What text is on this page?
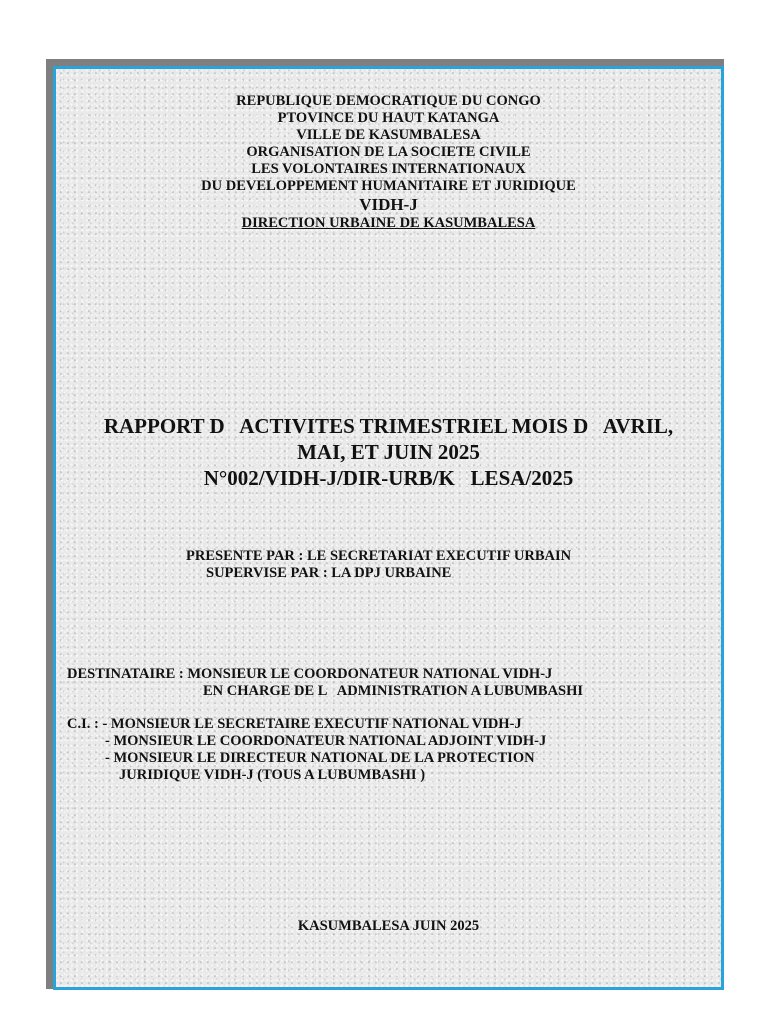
REPUBLIQUE DEMOCRATIQUE DU CONGO
PTOVINCE DU HAUT KATANGA
VILLE DE KASUMBALESA
ORGANISATION DE LA SOCIETE CIVILE
LES VOLONTAIRES INTERNATIONAUX
DU DEVELOPPEMENT HUMANITAIRE ET JURIDIQUE
VIDH-J
DIRECTION URBAINE DE KASUMBALESA
RAPPORT D   ACTIVITES TRIMESTRIEL MOIS D   AVRIL,
MAI, ET JUIN 2025
N°002/VIDH-J/DIR-URB/K   LESA/2025
PRESENTE PAR : LE SECRETARIAT EXECUTIF URBAIN
SUPERVISE PAR : LA DPJ URBAINE
DESTINATAIRE : MONSIEUR LE COORDONATEUR NATIONAL VIDH-J
EN CHARGE DE L   ADMINISTRATION A LUBUMBASHI
C.I. : - MONSIEUR LE SECRETAIRE EXECUTIF NATIONAL VIDH-J
- MONSIEUR LE COORDONATEUR NATIONAL ADJOINT VIDH-J
- MONSIEUR LE DIRECTEUR NATIONAL DE LA PROTECTION
JURIDIQUE VIDH-J (TOUS A LUBUMBASHI )
KASUMBALESA JUIN 2025
